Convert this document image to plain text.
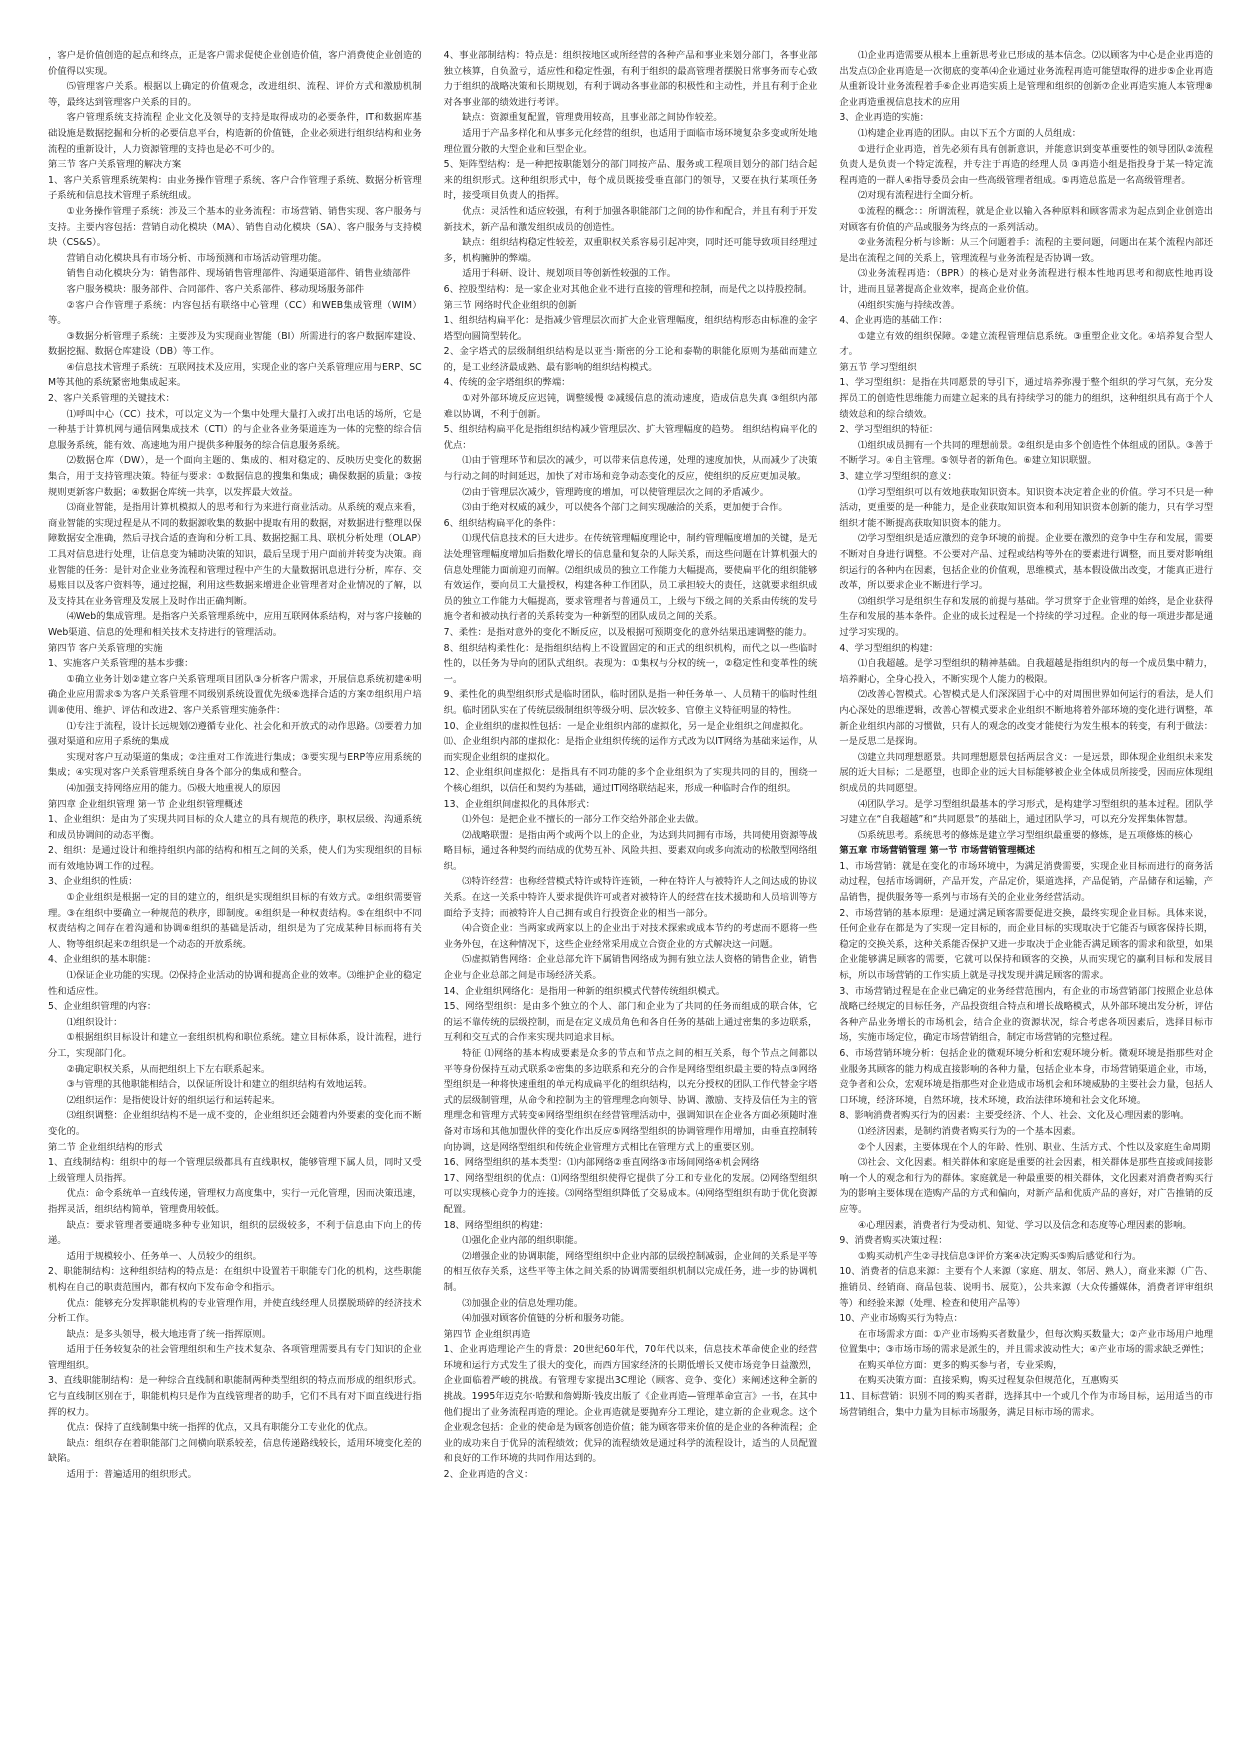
，客户是价值创造的起点和终点，正是客户需求促使企业创造价值，客户消费使企业创造的价值得以实现。

⑸管理客户关系。根据以上确定的价值观念，改进组织、流程、评价方式和激励机制等，最终达到管理客户关系的目的。

客户管理系统支持流程 企业文化及领导的支持是取得成功的必要条件，IT和数据库基础设施是数据挖掘和分析的必要信息平台，构造新的价值链，企业必须进行组织结构和业务流程的重新设计，人力资源管理的支持也是必不可少的。

第三节 客户关系管理的解决方案

1、客户关系管理系统架构：由业务操作管理子系统、客户合作管理子系统、数据分析管理子系统和信息技术管理子系统组成。

①业务操作管理子系统：涉及三个基本的业务流程：市场营销、销售实现、客户服务与支持。主要内容包括：营销自动化模块（MA）、销售自动化模块（SA）、客户服务与支持模块（CS&S）。

营销自动化模块具有市场分析、市场预测和市场活动管理功能。

销售自动化模块分为：销售部件、现场销售管理部件、沟通渠道部件、销售业绩部件

客户服务模块：服务部件、合同部件、客户关系部件、移动现场服务部件

②客户合作管理子系统：内容包括有联络中心管理（CC）和WEB集成管理（WIM）等。

③数据分析管理子系统：主要涉及为实现商业智能（BI）所需进行的客户数据库建设、数据挖掘、数据仓库建设（DB）等工作。

④信息技术管理子系统：互联网技术及应用，实现企业的客户关系管理应用与ERP、SCM等其他的系统紧密地集成起来。

2、客户关系管理的关键技术：

⑴呼叫中心（CC）技术，可以定义为一个集中处理大量打入或打出电话的场所，它是一种基于计算机网与通信网集成技术（CTI）的与企业各业务渠道连为一体的完整的综合信息服务系统，能有效、高速地为用户提供多种服务的综合信息服务系统。

⑵数据仓库（DW），是一个面向主题的、集成的、相对稳定的、反映历史变化的数据集合，用于支持管理决策。特征与要求：①数据信息的搜集和集成；确保数据的质量；③按规则更新客户数据；④数据仓库统一共享，以发挥最大效益。

⑶商业智能，是指用计算机模拟人的思考和行为来进行商业活动。从系统的观点来看，商业智能的实现过程是从不同的数据源收集的数据中提取有用的数据，对数据进行整理以保障数据安全准确，然后寻找合适的查询和分析工具、数据挖掘工具、联机分析处理（OLAP）工具对信息进行处理，让信息变为辅助决策的知识，最后呈现于用户面前并转变为决策。商业智能的任务：是针对企业业务流程和管理过程中产生的大量数据讯息进行分析，库存、交易账目以及客户资料等，通过挖掘，利用这些数据来增进企业管理者对企业情况的了解，以及支持其在业务管理及发展上及时作出正确判断。

⑷Web的集成管理。是指客户关系管理系统中，应用互联网体系结构，对与客户接触的Web渠道、信息的处理和相关技术支持进行的管理活动。

第四节 客户关系管理的实施

1、实施客户关系管理的基本步骤：

①确立业务计划②建立客户关系管理项目团队③分析客户需求，开展信息系统初建④明确企业应用需求⑤为客户关系管理不同级别系统设置优先级⑥选择合适的方案⑦组织用户培训⑧使用、维护、评估和改进2、客户关系管理实施条件：

⑴专注于流程，设计长远规划⑵遵循专业化、社会化和开放式的动作思路。⑶要着力加强对渠道和应用子系统的集成

实现对客户互动渠道的集成；②注重对工作流进行集成；③要实现与ERP等应用系统的集成；④实现对客户关系管理系统自身各个部分的集成和整合。

⑷加强支持网络应用的能力。⑸极大地重视人的原因

第四章 企业组织管理 第一节 企业组织管理概述

1、企业组织：是由为了实现共同目标的众人建立的具有规范的秩序，职权层级、沟通系统和成员协调间的动态平衡。

2、组织：是通过设计和维持组织内部的结构和相互之间的关系，使人们为实现组织的目标而有效地协调工作的过程。

3、企业组织的性质：

①企业组织是根据一定的目的建立的，组织是实现组织目标的有效方式。②组织需要管理。③在组织中要确立一种规范的秩序，即制度。④组织是一种权责结构。⑤在组织中不同权责结构之间存在着沟通和协调⑥组织的基础是活动，组织是为了完成某种目标而将有关人、物等组织起来⑦组织是一个动态的开放系统。

4、企业组织的基本职能：

⑴保证企业功能的实现。⑵保持企业活动的协调和提高企业的效率。⑶维护企业的稳定性和适应性。

5、企业组织管理的内容：

⑴组织设计：

①根据组织目标设计和建立一套组织机构和职位系统。建立目标体系，设计流程，进行分工，实现部门化。

②确定职权关系，从而把组织上下左右联系起来。

③与管理的其他职能相结合，以保证所设计和建立的组织结构有效地运转。

⑵组织运作：是指使设计好的组织运行和运转起来。

⑶组织调整：企业组织结构不是一成不变的，企业组织还会随着内外要素的变化而不断变化的。

第二节 企业组织结构的形式

1、直线制结构：组织中的每一个管理层级都具有直线职权，能够管理下属人员，同时又受上级管理人员指挥。

优点：命令系统单一直线传递，管理权力高度集中，实行一元化管理，因而决策迅速，指挥灵活，组织结构简单，管理费用较低。

缺点：要求管理者要通晓多种专业知识，组织的层级较多，不利于信息由下向上的传递。

适用于规模较小、任务单一、人员较少的组织。

2、职能制结构：这种组织结构的特点是：在组织中设置若干职能专门化的机构，这些职能机构在自己的职责范围内，都有权向下发布命令和指示。

优点：能够充分发挥职能机构的专业管理作用，并使直线经理人员摆脱琐碎的经济技术分析工作。

缺点：是多头领导，极大地违背了统一指挥原则。

适用于任务较复杂的社会管理组织和生产技术复杂、各项管理需要具有专门知识的企业管理组织。

3、直线职能制结构：是一种综合直线制和职能制两种类型组织的特点而形成的组织形式。它与直线制区别在于，职能机构只是作为直线管理者的助手，它们不具有对下面直线进行指挥的权力。

优点：保持了直线制集中统一指挥的优点，又具有职能分工专业化的优点。

缺点：组织存在着职能部门之间横向联系较差，信息传递路线较长，适用环境变化差的缺陷。

适用于：普遍适用的组织形式。

4、事业部制结构：特点是：组织按地区或所经营的各种产品和事业来划分部门，各事业部独立核算，自负盈亏，适应性和稳定性强，有利于组织的最高管理者摆脱日常事务而专心致力于组织的战略决策和长期规划，有利于调动各事业部的积极性和主动性，并且有利于企业对各事业部的绩效进行考评。

缺点：资源重复配置，管理费用较高，且事业部之间协作较差。

适用于产品多样化和从事多元化经营的组织，也适用于面临市场环境复杂多变或所处地理位置分散的大型企业和巨型企业。

5、矩阵型结构：是一种把按职能划分的部门同按产品、服务或工程项目划分的部门结合起来的组织形式。这种组织形式中，每个成员既接受垂直部门的领导，又要在执行某项任务时，接受项目负责人的指挥。

优点：灵活性和适应较强，有利于加强各职能部门之间的协作和配合，并且有利于开发新技术，新产品和激发组织成员的创造性。

缺点：组织结构稳定性较差，双重职权关系容易引起冲突，同时还可能导致项目经理过多，机构臃肿的弊端。

适用于科研、设计、规划项目等创新性较强的工作。

6、控股型结构：是一家企业对其他企业不进行直接的管理和控制，而是代之以持股控制。

第三节 网络时代企业组织的创新

1、组织结构扁平化：是指减少管理层次而扩大企业管理幅度，组织结构形态由标准的金字塔型向圆筒型转化。

2、金字塔式的层级制组织结构是以亚当·斯密的分工论和泰勒的职能化原则为基础而建立的，是工业经济最成熟、最有影响的组织结构模式。

4、传统的金字塔组织的弊端：

①对外部环境反应迟钝，调整缓慢 ②减缓信息的流动速度，造成信息失真 ③组织内部难以协调，不利于创新。

5、组织结构扁平化是指组织结构减少管理层次、扩大管理幅度的趋势。 组织结构扁平化的优点：

⑴由于管理环节和层次的减少，可以带来信息传递，处理的速度加快，从而减少了决策与行动之间的时间延迟，加快了对市场和竞争动态变化的反应，使组织的反应更加灵敏。

⑵由于管理层次减少，管理跨度的增加，可以使管理层次之间的矛盾减少。

⑶由于绝对权威的减少，可以使各个部门之间实现融洽的关系，更加便于合作。

6、组织结构扁平化的条件：

⑴现代信息技术的巨大进步。在传统管理幅度理论中，制约管理幅度增加的关键，是无法处理管理幅度增加后指数化增长的信息量和复杂的人际关系，而这些问题在计算机强大的信息处理能力面前迎刃而解。⑵组织成员的独立工作能力大幅提高，要使扁平化的组织能够有效运作，要向员工大量授权，构建各种工作团队，员工承担较大的责任，这就要求组织成员的独立工作能力大幅提高，要求管理者与普通员工，上级与下级之间的关系由传统的发号施令者和被动执行者的关系转变为一种新型的团队成员之间的关系。

7、柔性：是指对意外的变化不断反应，以及根据可预期变化的意外结果迅速调整的能力。

8、组织结构柔性化：是指组织结构上不设置固定的和正式的组织机构，而代之以一些临时性的，以任务为导向的团队式组织。表现为：①集权与分权的统一，②稳定性和变革性的统一。

9、柔性化的典型组织形式是临时团队，临时团队是指一种任务单一、人员精干的临时性组织。临时团队实在了传统层级制组织等级分明、层次较多、官僚主义特征明显的特性。

10、企业组织的虚拟性包括：一是企业组织内部的虚拟化，另一是企业组织之间虚拟化。

⑾、企业组织内部的虚拟化：是指企业组织传统的运作方式改为以IT网络为基础来运作，从而实现企业组织的虚拟化。

12、企业组织间虚拟化：是指具有不同功能的多个企业组织为了实现共同的目的，围绕一个核心组织，以信任和契约为基础，通过IT网络联结起来，形成一种临时合作的组织。

13、企业组织间虚拟化的具体形式：

⑴外包：是把企业不擅长的一部分工作交给外部企业去做。

⑵战略联盟：是指由两个或两个以上的企业，为达到共同拥有市场，共同使用资源等战略目标，通过各种契约而结成的优势互补、风险共担、要素双向或多向流动的松散型网络组织。

⑶特许经营：也称经营模式特许或特许连锁，一种在特许人与被特许人之间达成的协议关系。在这一关系中特许人要求提供许可或者对被特许人的经营在技术援助和人员培训等方面给予支持；而被特许人自己拥有或自行投资企业的相当一部分。

⑷合资企业：当两家或两家以上的企业出于对技术探索或成本节约的考虑而不愿将一些业务外包，在这种情况下，这些企业经常采用成立合资企业的方式解决这一问题。

⑸虚拟销售网络：企业总部允许下属销售网络成为拥有独立法人资格的销售企业，销售企业与企业总部之间是市场经济关系。

14、企业组织网络化：是指用一种新的组织模式代替传统组织模式。

15、网络型组织：是由多个独立的个人、部门和企业为了共同的任务而组成的联合体，它的运不靠传统的层级控制，而是在定义成员角色和各自任务的基础上通过密集的多边联系，互利和交互式的合作来实现共同追求目标。

特征 ⑴网络的基本构成要素是众多的节点和节点之间的相互关系，每个节点之间都以平等身份保持互动式联系②密集的多边联系和充分的合作是网络型组织最主要的特点③网络型组织是一种将快速重组的单元构成扁平化的组织结构，以充分授权的团队工作代替金字塔式的层级制管理，从命令和控制为主的管理理念向领导、协调、激励、支持及信任为主的管理理念和管理方式转变④网络型组织在经营管理活动中，强调知识在企业各方面必须随时准备对市场和其他加盟伙伴的变化作出反应⑤网络型组织的协调管理作用增加，由垂直控制转向协调，这是网络型组织和传统企业管理方式相比在管理方式上的重要区别。

16、网络型组织的基本类型：⑴内部网络②垂直网络③市场间网络④机会网络

17、网络型组织的优点：⑴网络型组织使得它提供了分工和专业化的发展。⑵网络型组织可以实现核心竞争力的连接。⑶网络型组织降低了交易成本。⑷网络型组织有助于优化资源配置。

18、网络型组织的构建：

⑴强化企业内部的组织职能。

⑵增强企业的协调职能，网络型组织中企业内部的层级控制减弱，企业间的关系是平等的相互依存关系，这些平等主体之间关系的协调需要组织机制以完成任务，进一步的协调机制。

⑶加强企业的信息处理功能。

⑷加强对顾客价值链的分析和服务功能。

第四节 企业组织再造

1、企业再造理论产生的背景：20世纪60年代，70年代以来，信息技术革命使企业的经营环境和运行方式发生了很大的变化，而西方国家经济的长期低增长又使市场竞争日益激烈，企业面临着严峻的挑战。有管理专家提出3C理论（顾客、竞争、变化）来阐述这种全新的挑战。1995年迈克尔·哈默和詹姆斯·钱皮出版了《企业再造—管理革命宣言》一书，在其中他们提出了业务流程再造的理论。企业再造就是要抛弃分工理论，建立新的企业观念。这个企业观念包括：企业的使命是为顾客创造价值；能为顾客带来价值的是企业的各种流程；企业的成功来自于优异的流程绩效；优异的流程绩效是通过科学的流程设计，适当的人员配置和良好的工作环境的共同作用达到的。

2、企业再造的含义：

⑴企业再造需要从根本上重新思考业已形成的基本信念。⑵以顾客为中心是企业再造的出发点⑶企业再造是一次彻底的变革⑷企业通过业务流程再造可能望取得的进步⑤企业再造从重新设计业务流程着手⑥企业再造实质上是管理和组织的创新⑦企业再造实施人本管理⑧企业再造重视信息技术的应用

3、企业再造的实施：

⑴构建企业再造的团队。由以下五个方面的人员组成：

①进行企业再造，首先必须有具有创新意识，并能意识到变革重要性的领导团队②流程负责人是负责一个特定流程，并专注于再造的经理人员 ③再造小组是指投身于某一特定流程再造的一群人④指导委员会由一些高级管理者组成。⑤再造总监是一名高级管理者。

⑵对现有流程进行全面分析。

①流程的概念：：所谓流程，就是企业以输入各种原料和顾客需求为起点到企业创造出对顾客有价值的产品或服务为终点的一系列活动。

②业务流程分析与诊断：从三个问题着手：流程的主要问题，问题出在某个流程内部还是出在流程之间的关系上，管理流程与业务流程是否协调一致。

⑶业务流程再造：（BPR）的核心是对业务流程进行根本性地再思考和彻底性地再设计，进而且显著提高企业效率，提高企业价值。

⑷组织实施与持续改善。

4、企业再造的基础工作：

①建立有效的组织保障。②建立流程管理信息系统。③重塑企业文化。④培养复合型人才。

第五节 学习型组织

1、学习型组织：是指在共同愿景的导引下，通过培养弥漫于整个组织的学习气氛，充分发挥员工的创造性思维能力而建立起来的具有持续学习的能力的组织，这种组织具有高于个人绩效总和的综合绩效。

2、学习型组织的特征：

⑴组织成员拥有一个共同的理想前景。②组织是由多个创造性个体组成的团队。③善于不断学习。④自主管理。⑤领导者的新角色。⑥建立知识联盟。

3、建立学习型组织的意义：

⑴学习型组织可以有效地获取知识资本。知识资本决定着企业的价值。学习不只是一种活动，更重要的是一种能力，是企业获取知识资本和利用知识资本创新的能力，只有学习型组织才能不断提高获取知识资本的能力。

⑵学习型组织是适应激烈的竞争环境的前提。企业要在激烈的竞争中生存和发展，需要不断对自身进行调整。不公要对产品、过程或结构等外在的要素进行调整，而且要对影响组织运行的各种内在因素，包括企业的价值观，思维模式，基本假设做出改变，才能真正进行改革，所以要求企业不断进行学习。

⑶组织学习是组织生存和发展的前提与基础。学习贯穿于企业管理的始终，是企业获得生存和发展的基本条件。企业的成长过程是一个持续的学习过程。企业的每一项进步都是通过学习实现的。

4、学习型组织的构建：

⑴自我超越。是学习型组织的精神基础。自我超越是指组织内的每一个成员集中精力，培养耐心，全身心投入，不断实现个人能力的极限。

⑵改善心智模式。心智模式是人们深深固于心中的对周围世界如何运行的看法，是人们内心深处的思维逻辑，改善心智模式要求企业组织不断地将着外部环境的变化进行调整，革新企业组织内部的习惯做，只有人的观念的改变才能使行为发生根本的转变，有利于做法：一是反思二是探询。

⑶建立共同理想愿景。共同理想愿景包括两层含义：一是远景，即体现企业组织未来发展的近大目标；二是愿望，也即企业的远大目标能够被企业全体成员所接受，因而应体现组织成员的共同愿望。

⑷团队学习。是学习型组织最基本的学习形式，是构建学习型组织的基本过程。团队学习建立在“自我超越”和“共同愿景”的基础上，通过团队学习，可以充分发挥集体智慧。

⑸系统思考。系统思考的修炼是建立学习型组织最重要的修炼，是五项修炼的核心

第五章 市场营销管理 第一节 市场营销管理概述

1、市场营销：就是在变化的市场环境中，为满足消费需要，实现企业目标而进行的商务活动过程，包括市场调研，产品开发，产品定价，渠道选择，产品促销，产品储存和运输，产品销售，提供服务等一系列与市场有关的企业业务经营活动。

2、市场营销的基本原理：是通过满足顾客需要促进交换，最终实现企业目标。具体来说，任何企业存在都是为了实现一定目标的，而企业目标的实现取决于它能否与顾客保持长期，稳定的交换关系，这种关系能否保护又进一步取决于企业能否满足顾客的需求和欲望，如果企业能够满足顾客的需要，它就可以保持和顾客的交换，从而实现它的赢利目标和发展目标，所以市场营销的工作实质上就是寻找发现并满足顾客的需求。

3、市场营销过程是在企业已确定的业务经营范围内，有企业的市场营销部门按照企业总体战略已经规定的目标任务，产品投资组合特点和增长战略模式，从外部环境出发分析，评估各种产品业务增长的市场机会，结合企业的资源状况，综合考虑各项因素后，选择目标市场，实施市场定位，确定市场营销组合，制定市场营销的完整过程。

6、市场营销环境分析：包括企业的微观环境分析和宏观环境分析。微观环境是指那些对企业服务其顾客的能力构成直接影响的各种力量，包括企业本身，市场营销渠道企业，市场，竞争者和公众，宏观环境是指那些对企业造成市场机会和环境威胁的主要社会力量，包括人口环境，经济环境，自然环境，技术环境，政治法律环境和社会文化环境。

8、影响消费者购买行为的因素：主要受经济、个人、社会、文化及心理因素的影响。

⑴经济因素，是制约消费者购买行为的一个基本因素。

②个人因素，主要体现在个人的年龄、性别、职业、生活方式、个性以及家庭生命周期

⑶社会、文化因素。相关群体和家庭是重要的社会因素，相关群体是那些直接或间接影响一个人的观念和行为的群体。家庭就是一种最重要的相关群体，文化因素对消费者购买行为的影响主要体现在造购产品的方式和偏向，对新产品和优质产品的喜好，对广告推销的反应等。

④心理因素，消费者行为受动机、知觉、学习以及信念和态度等心理因素的影响。

9、消费者购买决策过程：

①购买动机产生②寻找信息③评价方案④决定购买⑤购后感觉和行为。

10、消费者的信息来源：主要有个人来源（家庭、朋友、邻居、熟人），商业来源（广告、推销员、经销商、商品包装、说明书、展览），公共来源（大众传播媒体，消费者评审组织等）和经验来源（处理、检查和使用产品等）

10、产业市场购买行为特点：

在市场需求方面：①产业市场购买者数量少，但每次购买数量大；②产业市场用户地理位置集中；③市场市场的需求是派生的，并且需求波动性大；④产业市场的需求缺乏弹性；

在购买单位方面：更多的购买参与者，专业采购，

在购买决策方面：直接采购，购买过程复杂但规范化，互惠购买

11、目标营销：识别不同的购买者群，选择其中一个或几个作为市场目标，运用适当的市场营销组合，集中力量为目标市场服务，满足目标市场的需求。
